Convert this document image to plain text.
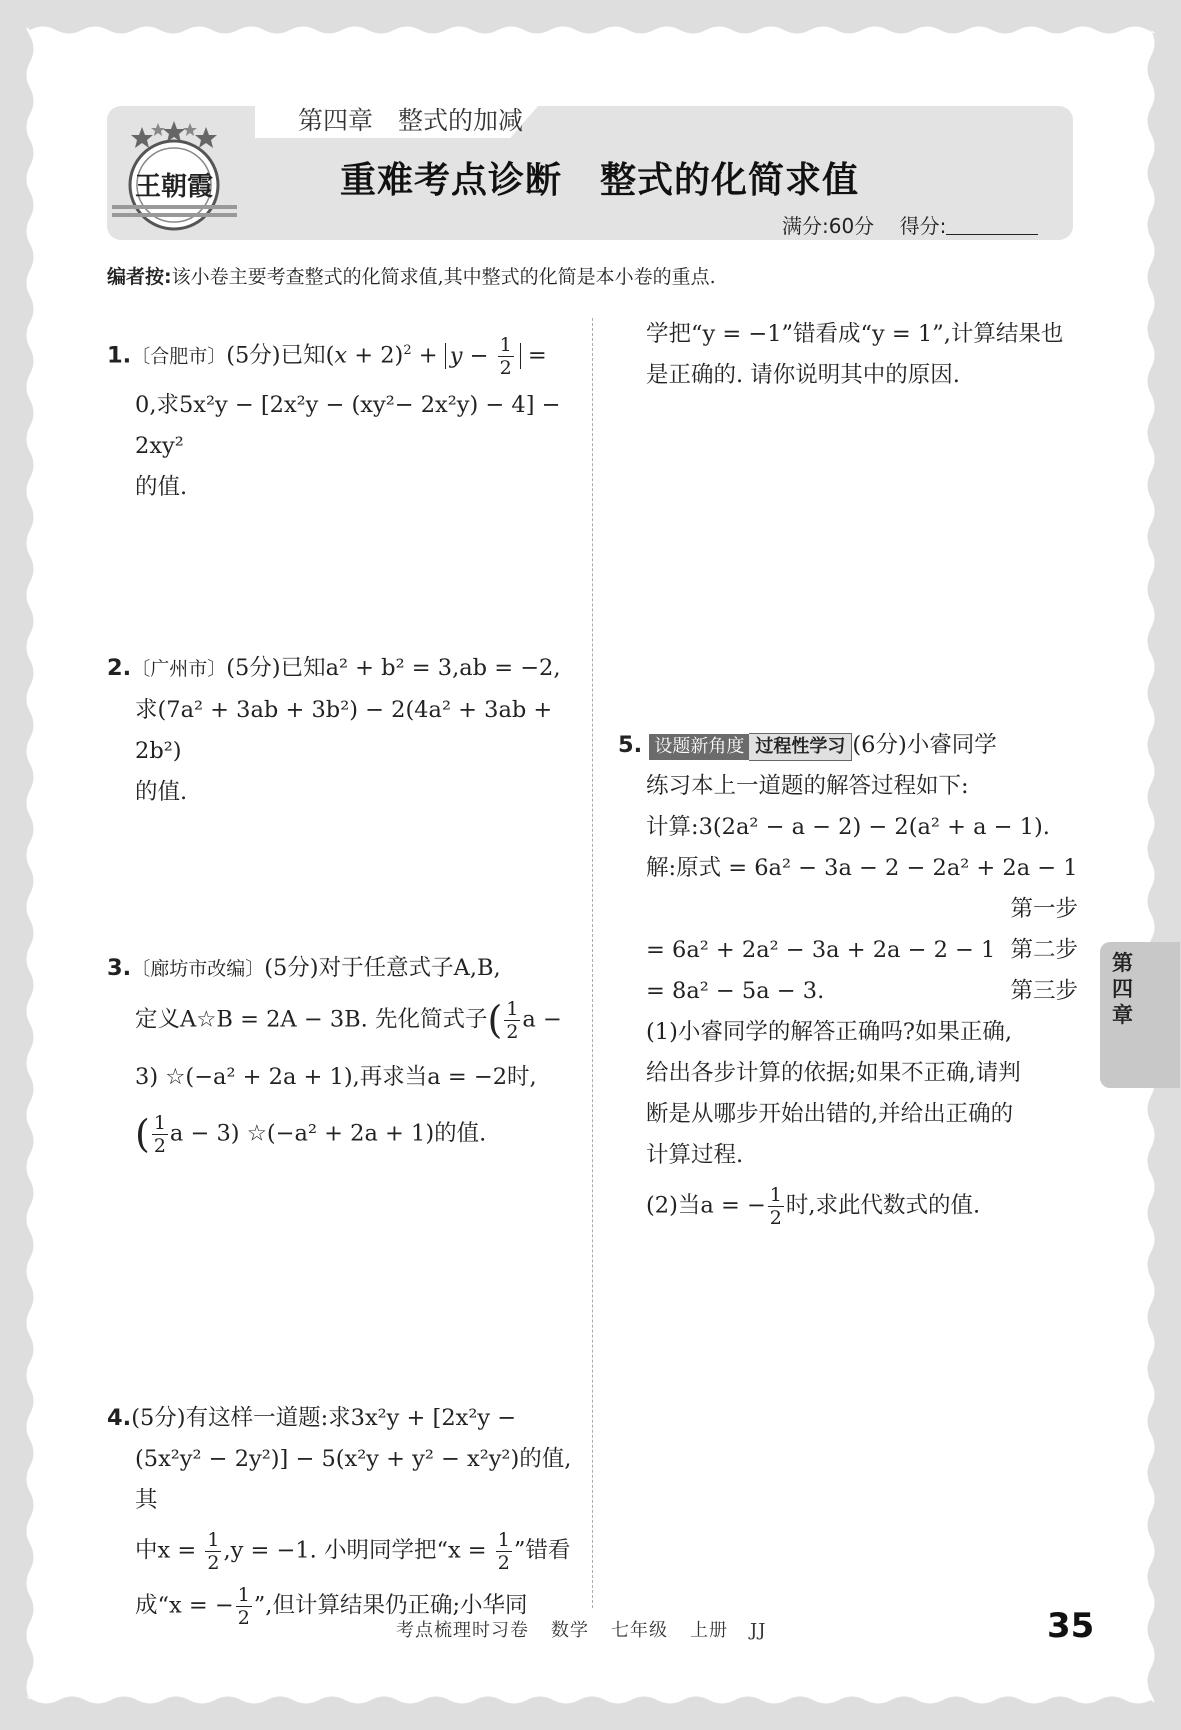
第四章　整式的加减
王朝霞	重难考点诊断 整式的化简求值
满分:60分 得分:
编者按:该小卷主要考查整式的化简求值,其中整式的化简是本小卷的重点.
1.〔合肥市〕(5分)已知$(x + 2)^2 + y - \frac{1}{2}$ =
0,求5x²y − [2x²y − (xy²− 2x²y) − 4] − 2xy²
的值.
2.〔广州市〕(5分)已知a² + b² = 3,ab = −2,
求(7a² + 3ab + 3b²) − 2(4a² + 3ab + 2b²)
的值.
3.〔廊坊市改编〕(5分)对于任意式子A,B,
定义A☆B = 2A − 3B. 先化简式子( $\frac{1}{2}$ a −
3) ☆(−a² + 2a + 1),再求当a = −2时,
( $\frac{1}{2}$ a − 3) ☆(−a² + 2a + 1)的值.
4.(5分)有这样一道题:求3x²y + [2x²y −
(5x²y² − 2y²)] − 5(x²y + y² − x²y²)的值,其
中$x = \frac{1}{2} ,y = -1$. 小明同学把“$x = \frac{1}{2}$ ”错看
成“x = − $\frac{1}{2}$ ”,但计算结果仍正确;小华同
学把“y = −1”错看成“y = 1”,计算结果也
是正确的. 请你说明其中的原因.
5. 设题新角度 过程性学习 (6分)小睿同学
练习本上一道题的解答过程如下:
计算:3(2a² − a − 2) − 2(a² + a − 1).
解:原式 = 6a² − 3a − 2 − 2a² + 2a − 1
第一步
= 6a² + 2a² − 3a + 2a − 2 − 1 第二步
= 8a² − 5a − 3.	第三步
(1)小睿同学的解答正确吗?如果正确,
给出各步计算的依据;如果不正确,请判
断是从哪步开始出错的,并给出正确的
计算过程.
(2)当a = − $\frac{1}{2}$ 时,求此代数式的值.
第四章
考点梳理时习卷 数学 七年级 上册 JJ	35
